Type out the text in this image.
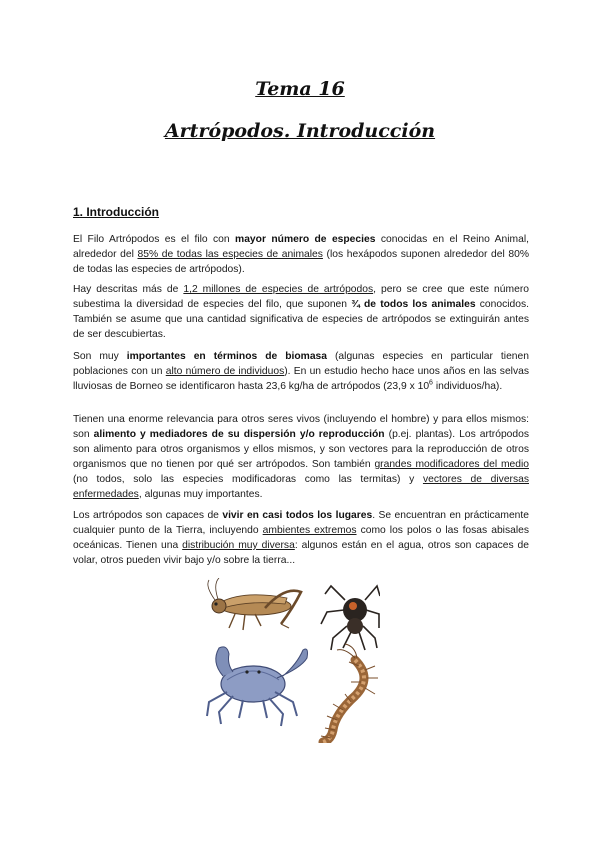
Tema 16
Artrópodos. Introducción
1. Introducción

El Filo Artrópodos es el filo con mayor número de especies conocidas en el Reino Animal, alrededor del 85% de todas las especies de animales (los hexápodos suponen alrededor del 80% de todas las especies de artrópodos).

Hay descritas más de 1,2 millones de especies de artrópodos, pero se cree que este número subestima la diversidad de especies del filo, que suponen ¾ de todos los animales conocidos. También se asume que una cantidad significativa de especies de artrópodos se extinguirán antes de ser descubiertas.

Son muy importantes en términos de biomasa (algunas especies en particular tienen poblaciones con un alto número de individuos). En un estudio hecho hace unos años en las selvas lluviosas de Borneo se identificaron hasta 23,6 kg/ha de artrópodos (23,9 x $10^6$ individuos/ha).

Tienen una enorme relevancia para otros seres vivos (incluyendo el hombre) y para ellos mismos: son alimento y mediadores de su dispersión y/o reproducción (p.ej. plantas). Los artrópodos son alimento para otros organismos y ellos mismos, y son vectores para la reproducción de otros organismos que no tienen por qué ser artrópodos. Son también grandes modificadores del medio (no todos, solo las especies modificadoras como las termitas) y vectores de diversas enfermedades, algunas muy importantes.

Los artrópodos son capaces de vivir en casi todos los lugares. Se encuentran en prácticamente cualquier punto de la Tierra, incluyendo ambientes extremos como los polos o las fosas abisales oceánicas. Tienen una distribución muy diversa: algunos están en el agua, otros son capaces de volar, otros pueden vivir bajo y/o sobre la tierra...
